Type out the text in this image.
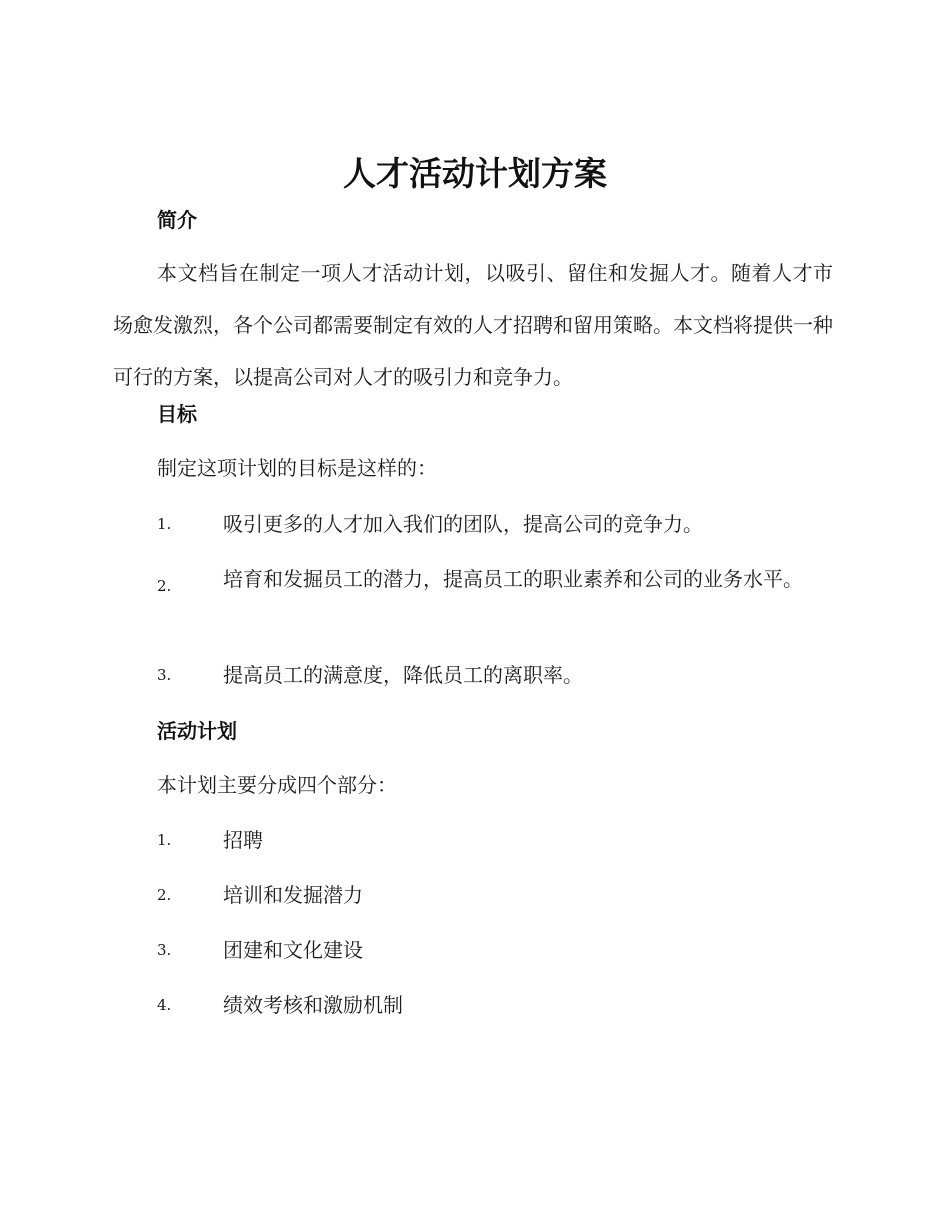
人才活动计划方案
简介

本文档旨在制定一项人才活动计划，以吸引、留住和发掘人才。随着人才市场愈发激烈，各个公司都需要制定有效的人才招聘和留用策略。本文档将提供一种可行的方案，以提高公司对人才的吸引力和竞争力。

目标

制定这项计划的目标是这样的：

1.	吸引更多的人才加入我们的团队，提高公司的竞争力。
2.	培育和发掘员工的潜力，提高员工的职业素养和公司的业务水平。
3.	提高员工的满意度，降低员工的离职率。
活动计划

本计划主要分成四个部分：

1.	招聘
2.	培训和发掘潜力
3.	团建和文化建设
4.	绩效考核和激励机制
